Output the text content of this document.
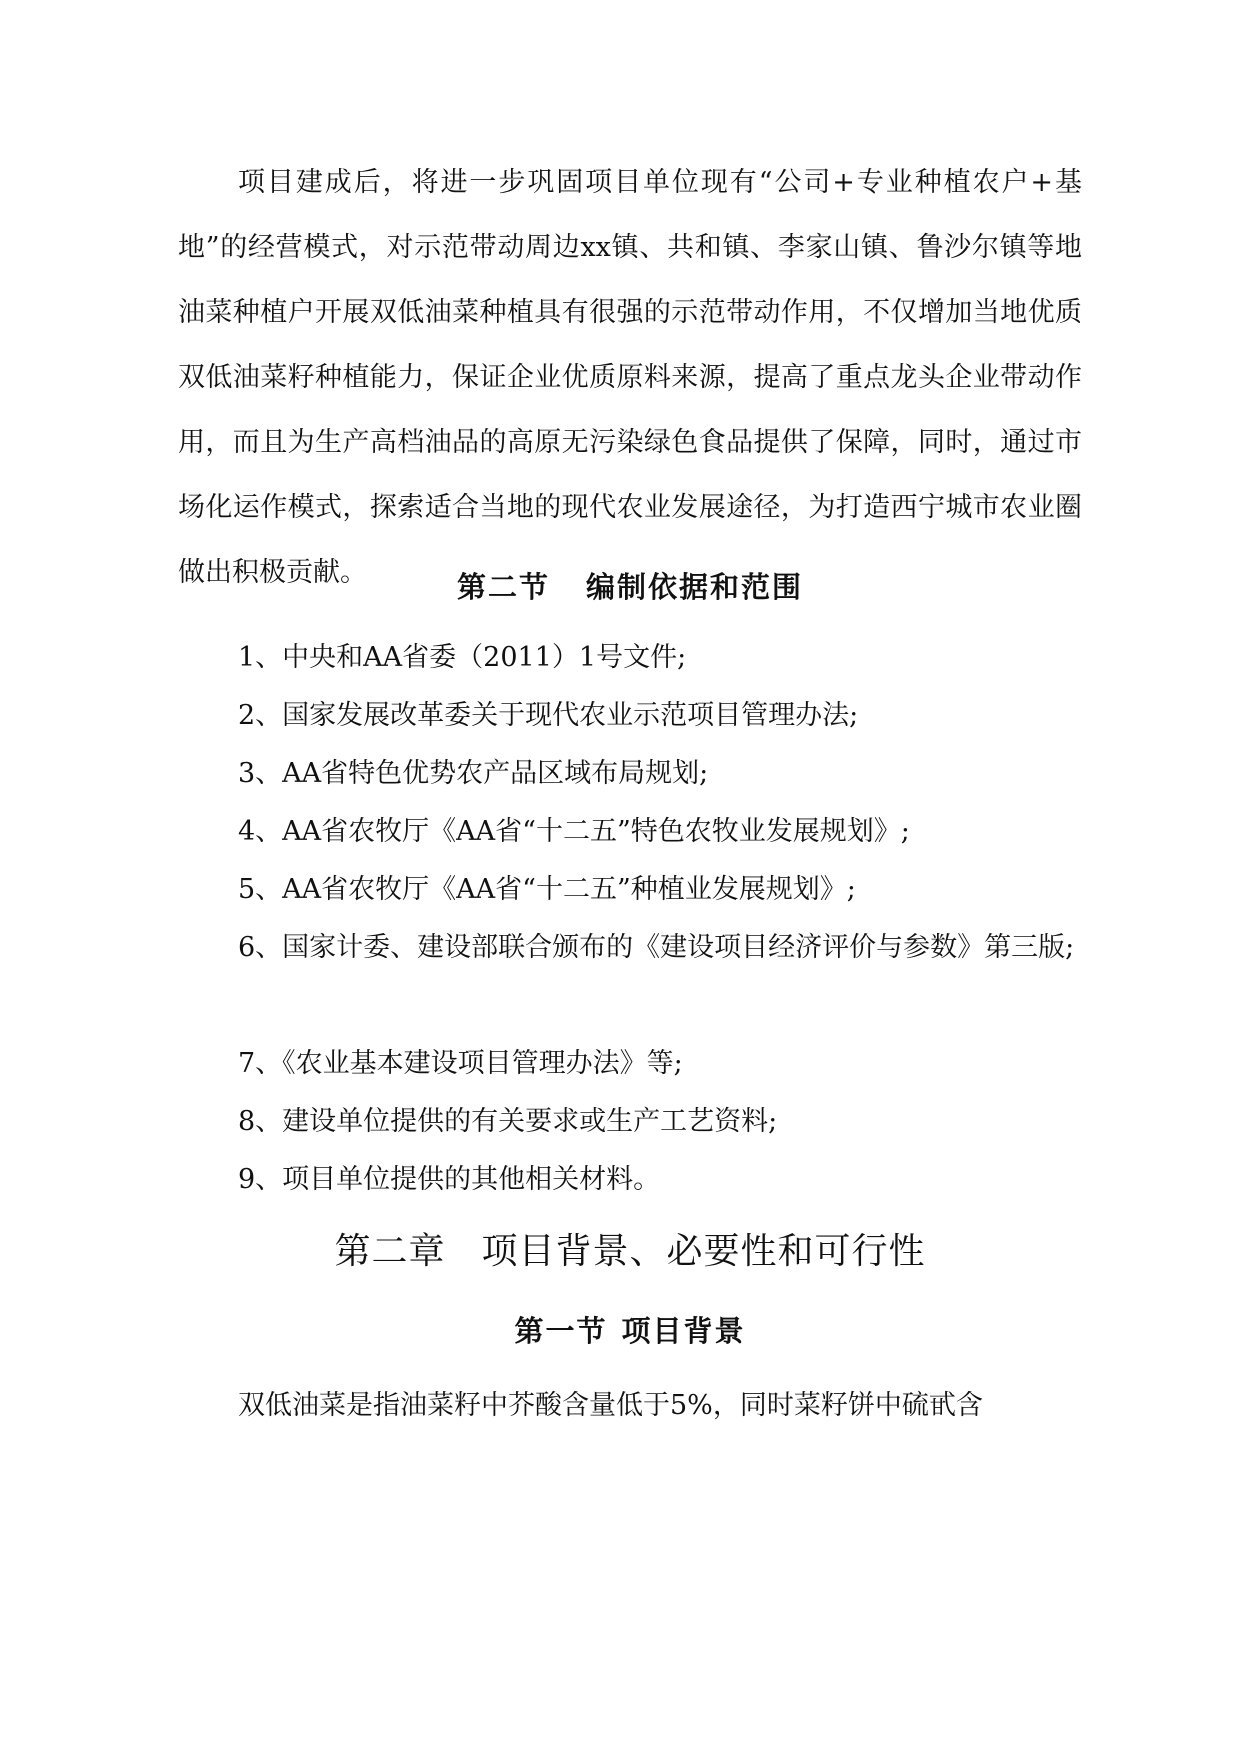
项目建成后，将进一步巩固项目单位现有“公司+专业种植农户+基地”的经营模式，对示范带动周边xx镇、共和镇、李家山镇、鲁沙尔镇等地油菜种植户开展双低油菜种植具有很强的示范带动作用，不仅增加当地优质双低油菜籽种植能力，保证企业优质原料来源，提高了重点龙头企业带动作用，而且为生产高档油品的高原无污染绿色食品提供了保障，同时，通过市场化运作模式，探索适合当地的现代农业发展途径，为打造西宁城市农业圈做出积极贡献。	第二节 编制依据和范围

1、中央和AA省委（2011）1号文件;

2、国家发展改革委关于现代农业示范项目管理办法;

3、AA省特色优势农产品区域布局规划;

4、AA省农牧厅《AA省“十二五”特色农牧业发展规划》;

5、AA省农牧厅《AA省“十二五”种植业发展规划》;

6、国家计委、建设部联合颁布的《建设项目经济评价与参数》第三版;

7、《农业基本建设项目管理办法》等;

8、建设单位提供的有关要求或生产工艺资料;

9、项目单位提供的其他相关材料。

第二章 项目背景、必要性和可行性
第一节 项目背景

双低油菜是指油菜籽中芥酸含量低于5%，同时菜籽饼中硫甙含
